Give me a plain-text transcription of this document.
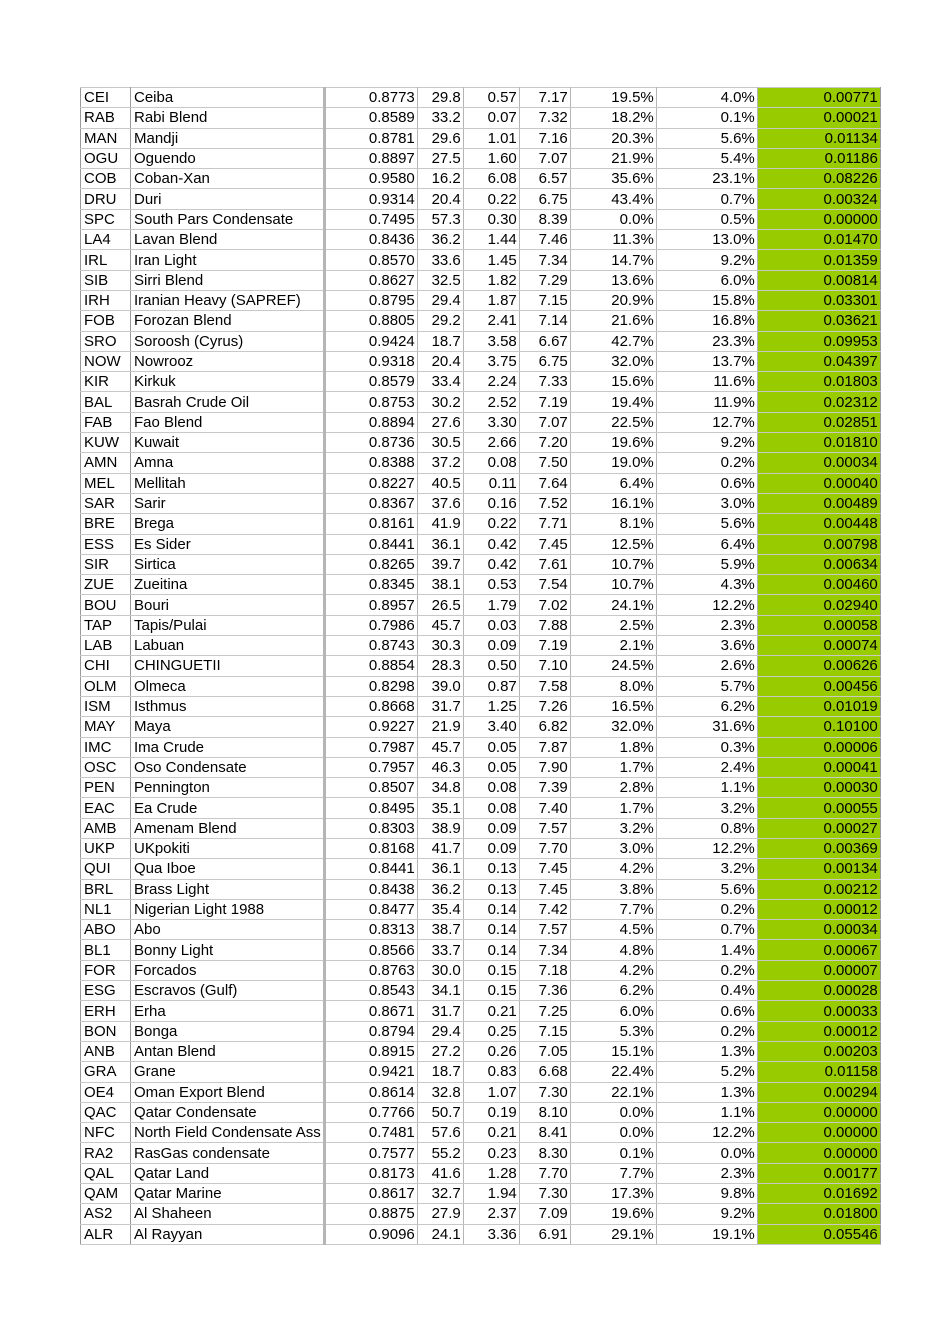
CEI	Ceiba	0.8773	29.8	0.57	7.17	19.5%	4.0%	0.00771
RAB	Rabi Blend	0.8589	33.2	0.07	7.32	18.2%	0.1%	0.00021
MAN	Mandji	0.8781	29.6	1.01	7.16	20.3%	5.6%	0.01134
OGU	Oguendo	0.8897	27.5	1.60	7.07	21.9%	5.4%	0.01186
COB	Coban-Xan	0.9580	16.2	6.08	6.57	35.6%	23.1%	0.08226
DRU	Duri	0.9314	20.4	0.22	6.75	43.4%	0.7%	0.00324
SPC	South Pars Condensate	0.7495	57.3	0.30	8.39	0.0%	0.5%	0.00000
LA4	Lavan Blend	0.8436	36.2	1.44	7.46	11.3%	13.0%	0.01470
IRL	Iran Light	0.8570	33.6	1.45	7.34	14.7%	9.2%	0.01359
SIB	Sirri Blend	0.8627	32.5	1.82	7.29	13.6%	6.0%	0.00814
IRH	Iranian Heavy (SAPREF)	0.8795	29.4	1.87	7.15	20.9%	15.8%	0.03301
FOB	Forozan Blend	0.8805	29.2	2.41	7.14	21.6%	16.8%	0.03621
SRO	Soroosh (Cyrus)	0.9424	18.7	3.58	6.67	42.7%	23.3%	0.09953
NOW	Nowrooz	0.9318	20.4	3.75	6.75	32.0%	13.7%	0.04397
KIR	Kirkuk	0.8579	33.4	2.24	7.33	15.6%	11.6%	0.01803
BAL	Basrah Crude Oil	0.8753	30.2	2.52	7.19	19.4%	11.9%	0.02312
FAB	Fao Blend	0.8894	27.6	3.30	7.07	22.5%	12.7%	0.02851
KUW	Kuwait	0.8736	30.5	2.66	7.20	19.6%	9.2%	0.01810
AMN	Amna	0.8388	37.2	0.08	7.50	19.0%	0.2%	0.00034
MEL	Mellitah	0.8227	40.5	0.11	7.64	6.4%	0.6%	0.00040
SAR	Sarir	0.8367	37.6	0.16	7.52	16.1%	3.0%	0.00489
BRE	Brega	0.8161	41.9	0.22	7.71	8.1%	5.6%	0.00448
ESS	Es Sider	0.8441	36.1	0.42	7.45	12.5%	6.4%	0.00798
SIR	Sirtica	0.8265	39.7	0.42	7.61	10.7%	5.9%	0.00634
ZUE	Zueitina	0.8345	38.1	0.53	7.54	10.7%	4.3%	0.00460
BOU	Bouri	0.8957	26.5	1.79	7.02	24.1%	12.2%	0.02940
TAP	Tapis/Pulai	0.7986	45.7	0.03	7.88	2.5%	2.3%	0.00058
LAB	Labuan	0.8743	30.3	0.09	7.19	2.1%	3.6%	0.00074
CHI	CHINGUETII	0.8854	28.3	0.50	7.10	24.5%	2.6%	0.00626
OLM	Olmeca	0.8298	39.0	0.87	7.58	8.0%	5.7%	0.00456
ISM	Isthmus	0.8668	31.7	1.25	7.26	16.5%	6.2%	0.01019
MAY	Maya	0.9227	21.9	3.40	6.82	32.0%	31.6%	0.10100
IMC	Ima Crude	0.7987	45.7	0.05	7.87	1.8%	0.3%	0.00006
OSC	Oso Condensate	0.7957	46.3	0.05	7.90	1.7%	2.4%	0.00041
PEN	Pennington	0.8507	34.8	0.08	7.39	2.8%	1.1%	0.00030
EAC	Ea Crude	0.8495	35.1	0.08	7.40	1.7%	3.2%	0.00055
AMB	Amenam Blend	0.8303	38.9	0.09	7.57	3.2%	0.8%	0.00027
UKP	UKpokiti	0.8168	41.7	0.09	7.70	3.0%	12.2%	0.00369
QUI	Qua Iboe	0.8441	36.1	0.13	7.45	4.2%	3.2%	0.00134
BRL	Brass Light	0.8438	36.2	0.13	7.45	3.8%	5.6%	0.00212
NL1	Nigerian Light 1988	0.8477	35.4	0.14	7.42	7.7%	0.2%	0.00012
ABO	Abo	0.8313	38.7	0.14	7.57	4.5%	0.7%	0.00034
BL1	Bonny Light	0.8566	33.7	0.14	7.34	4.8%	1.4%	0.00067
FOR	Forcados	0.8763	30.0	0.15	7.18	4.2%	0.2%	0.00007
ESG	Escravos (Gulf)	0.8543	34.1	0.15	7.36	6.2%	0.4%	0.00028
ERH	Erha	0.8671	31.7	0.21	7.25	6.0%	0.6%	0.00033
BON	Bonga	0.8794	29.4	0.25	7.15	5.3%	0.2%	0.00012
ANB	Antan Blend	0.8915	27.2	0.26	7.05	15.1%	1.3%	0.00203
GRA	Grane	0.9421	18.7	0.83	6.68	22.4%	5.2%	0.01158
OE4	Oman Export Blend	0.8614	32.8	1.07	7.30	22.1%	1.3%	0.00294
QAC	Qatar Condensate	0.7766	50.7	0.19	8.10	0.0%	1.1%	0.00000
NFC	North Field Condensate Ass	0.7481	57.6	0.21	8.41	0.0%	12.2%	0.00000
RA2	RasGas condensate	0.7577	55.2	0.23	8.30	0.1%	0.0%	0.00000
QAL	Qatar Land	0.8173	41.6	1.28	7.70	7.7%	2.3%	0.00177
QAM	Qatar Marine	0.8617	32.7	1.94	7.30	17.3%	9.8%	0.01692
AS2	Al Shaheen	0.8875	27.9	2.37	7.09	19.6%	9.2%	0.01800
ALR	Al Rayyan	0.9096	24.1	3.36	6.91	29.1%	19.1%	0.05546
